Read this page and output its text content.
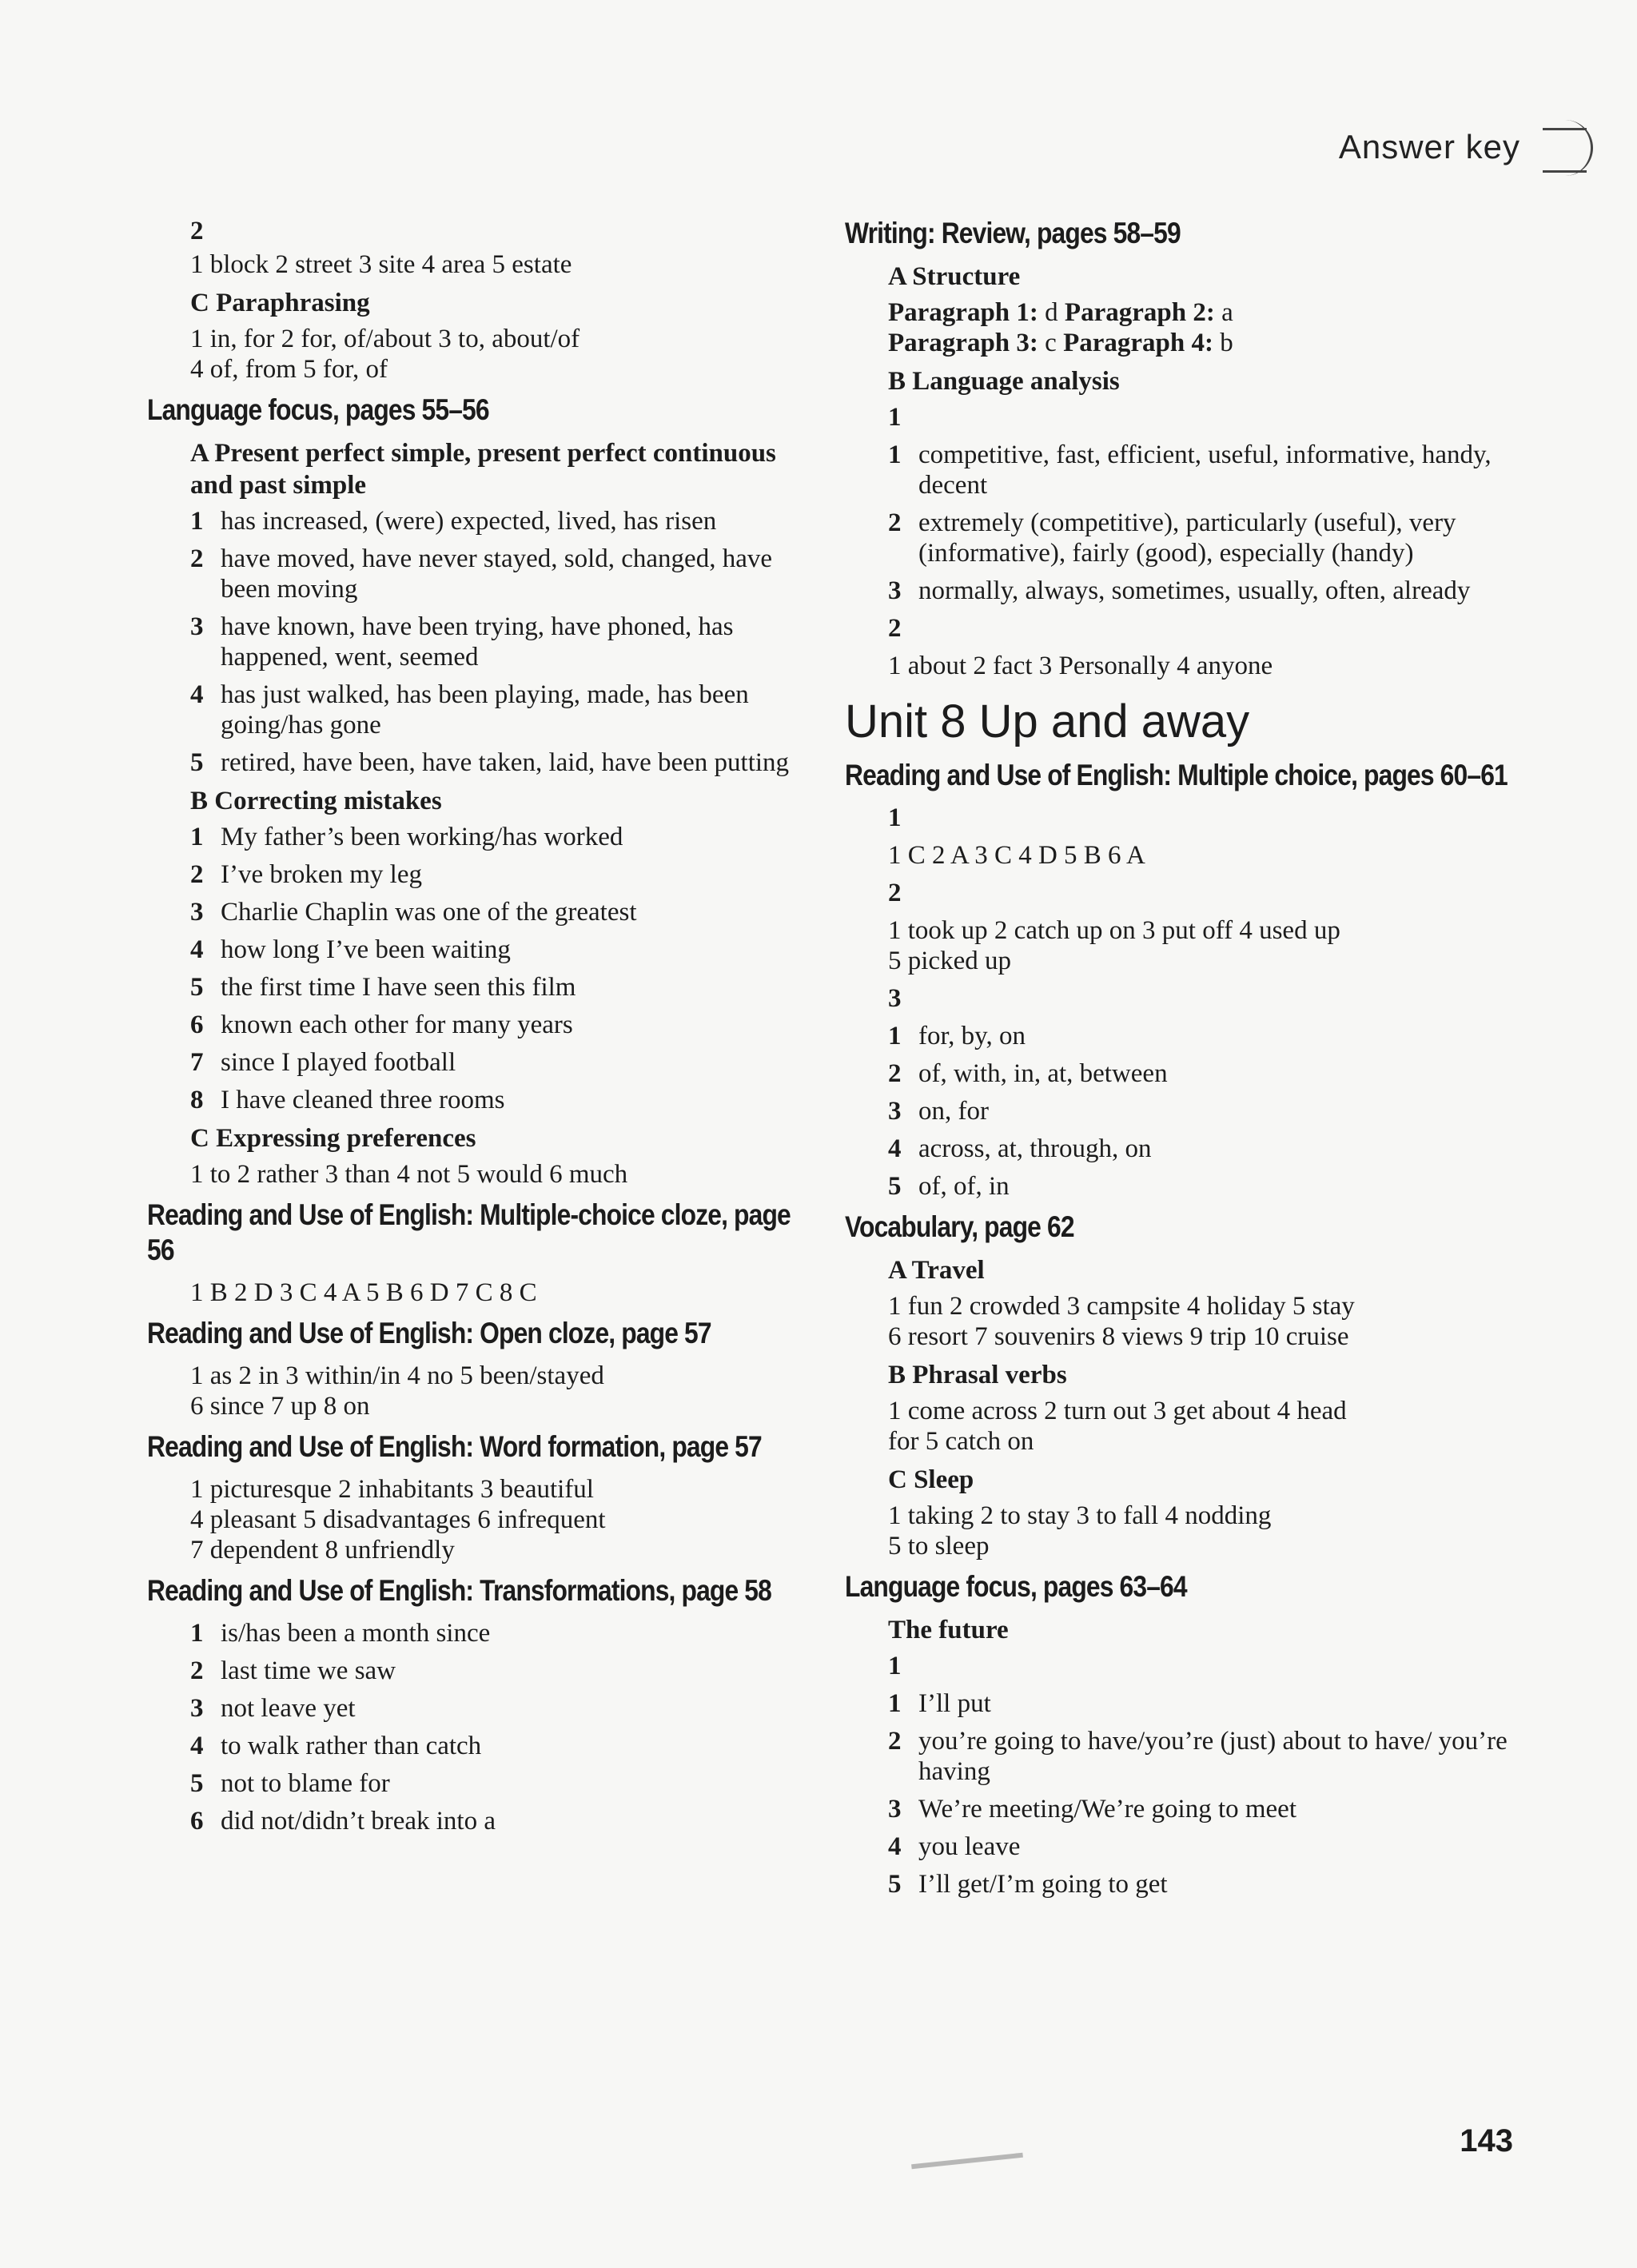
Answer key
2
1 block 2 street 3 site 4 area 5 estate
C Paraphrasing
1 in, for 2 for, of/about 3 to, about/of
4 of, from 5 for, of
Language focus, pages 55–56
A Present perfect simple, present perfect continuous and past simple
1 has increased, (were) expected, lived, has risen
2 have moved, have never stayed, sold, changed, have been moving
3 have known, have been trying, have phoned, has happened, went, seemed
4 has just walked, has been playing, made, has been going/has gone
5 retired, have been, have taken, laid, have been putting
B Correcting mistakes
1 My father’s been working/has worked
2 I’ve broken my leg
3 Charlie Chaplin was one of the greatest
4 how long I’ve been waiting
5 the first time I have seen this film
6 known each other for many years
7 since I played football
8 I have cleaned three rooms
C Expressing preferences
1 to 2 rather 3 than 4 not 5 would 6 much
Reading and Use of English: Multiple-choice cloze, page 56
1 B 2 D 3 C 4 A 5 B 6 D 7 C 8 C
Reading and Use of English: Open cloze, page 57
1 as 2 in 3 within/in 4 no 5 been/stayed
6 since 7 up 8 on
Reading and Use of English: Word formation, page 57
1 picturesque 2 inhabitants 3 beautiful
4 pleasant 5 disadvantages 6 infrequent
7 dependent 8 unfriendly
Reading and Use of English: Transformations, page 58
1 is/has been a month since
2 last time we saw
3 not leave yet
4 to walk rather than catch
5 not to blame for
6 did not/didn’t break into a
Writing: Review, pages 58–59
A Structure
Paragraph 1: d Paragraph 2: a
Paragraph 3: c Paragraph 4: b
B Language analysis
1
1 competitive, fast, efficient, useful, informative, handy, decent
2 extremely (competitive), particularly (useful), very (informative), fairly (good), especially (handy)
3 normally, always, sometimes, usually, often, already
2
1 about 2 fact 3 Personally 4 anyone
Unit 8 Up and away
Reading and Use of English: Multiple choice, pages 60–61
1
1 C 2 A 3 C 4 D 5 B 6 A
2
1 took up 2 catch up on 3 put off 4 used up
5 picked up
3
1 for, by, on
2 of, with, in, at, between
3 on, for
4 across, at, through, on
5 of, of, in
Vocabulary, page 62
A Travel
1 fun 2 crowded 3 campsite 4 holiday 5 stay
6 resort 7 souvenirs 8 views 9 trip 10 cruise
B Phrasal verbs
1 come across 2 turn out 3 get about 4 head
for 5 catch on
C Sleep
1 taking 2 to stay 3 to fall 4 nodding
5 to sleep
Language focus, pages 63–64
The future
1
1 I’ll put
2 you’re going to have/you’re (just) about to have/ you’re having
3 We’re meeting/We’re going to meet
4 you leave
5 I’ll get/I’m going to get
143
